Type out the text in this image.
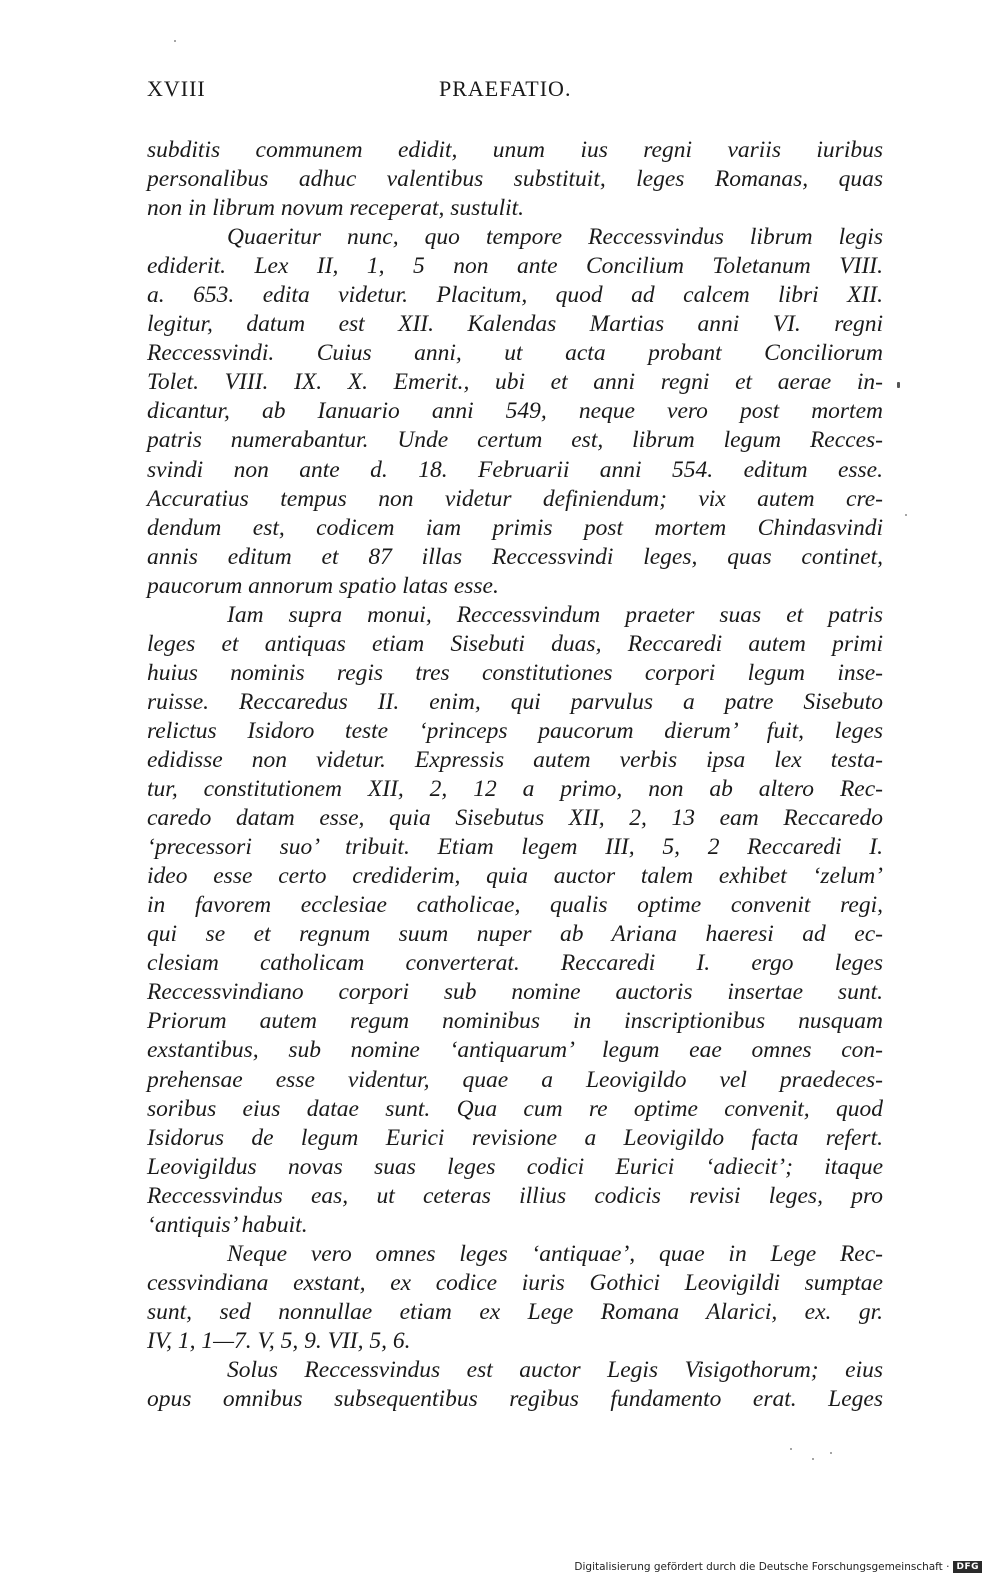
XVIII	PRAEFATIO.
subditis communem edidit, unum ius regni variis iuribus
personalibus adhuc valentibus substituit, leges Romanas, quas
non in librum novum receperat, sustulit.
Quaeritur nunc, quo tempore Reccessvindus librum legis
ediderit. Lex II, 1, 5 non ante Concilium Toletanum VIII.
a. 653. edita videtur. Placitum, quod ad calcem libri XII.
legitur, datum est XII. Kalendas Martias anni VI. regni
Reccessvindi. Cuius anni, ut acta probant Conciliorum
Tolet. VIII. IX. X. Emerit., ubi et anni regni et aerae in-
dicantur, ab Ianuario anni 549, neque vero post mortem
patris numerabantur. Unde certum est, librum legum Recces-
svindi non ante d. 18. Februarii anni 554. editum esse.
Accuratius tempus non videtur definiendum; vix autem cre-
dendum est, codicem iam primis post mortem Chindasvindi
annis editum et 87 illas Reccessvindi leges, quas continet,
paucorum annorum spatio latas esse.
Iam supra monui, Reccessvindum praeter suas et patris
leges et antiquas etiam Sisebuti duas, Reccaredi autem primi
huius nominis regis tres constitutiones corpori legum inse-
ruisse. Reccaredus II. enim, qui parvulus a patre Sisebuto
relictus Isidoro teste ‘princeps paucorum dierum’ fuit, leges
edidisse non videtur. Expressis autem verbis ipsa lex testa-
tur, constitutionem XII, 2, 12 a primo, non ab altero Rec-
caredo datam esse, quia Sisebutus XII, 2, 13 eam Reccaredo
‘precessori suo’ tribuit. Etiam legem III, 5, 2 Reccaredi I.
ideo esse certo crediderim, quia auctor talem exhibet ‘zelum’
in favorem ecclesiae catholicae, qualis optime convenit regi,
qui se et regnum suum nuper ab Ariana haeresi ad ec-
clesiam catholicam converterat. Reccaredi I. ergo leges
Reccessvindiano corpori sub nomine auctoris insertae sunt.
Priorum autem regum nominibus in inscriptionibus nusquam
exstantibus, sub nomine ‘antiquarum’ legum eae omnes con-
prehensae esse videntur, quae a Leovigildo vel praedeces-
soribus eius datae sunt. Qua cum re optime convenit, quod
Isidorus de legum Eurici revisione a Leovigildo facta refert.
Leovigildus novas suas leges codici Eurici ‘adiecit’; itaque
Reccessvindus eas, ut ceteras illius codicis revisi leges, pro
‘antiquis’ habuit.
Neque vero omnes leges ‘antiquae’, quae in Lege Rec-
cessvindiana exstant, ex codice iuris Gothici Leovigildi sumptae
sunt, sed nonnullae etiam ex Lege Romana Alarici, ex. gr.
IV, 1, 1—7. V, 5, 9. VII, 5, 6.
Solus Reccessvindus est auctor Legis Visigothorum; eius
opus omnibus subsequentibus regibus fundamento erat. Leges
Digitalisierung gefördert durch die Deutsche Forschungsgemeinschaft · DFG
